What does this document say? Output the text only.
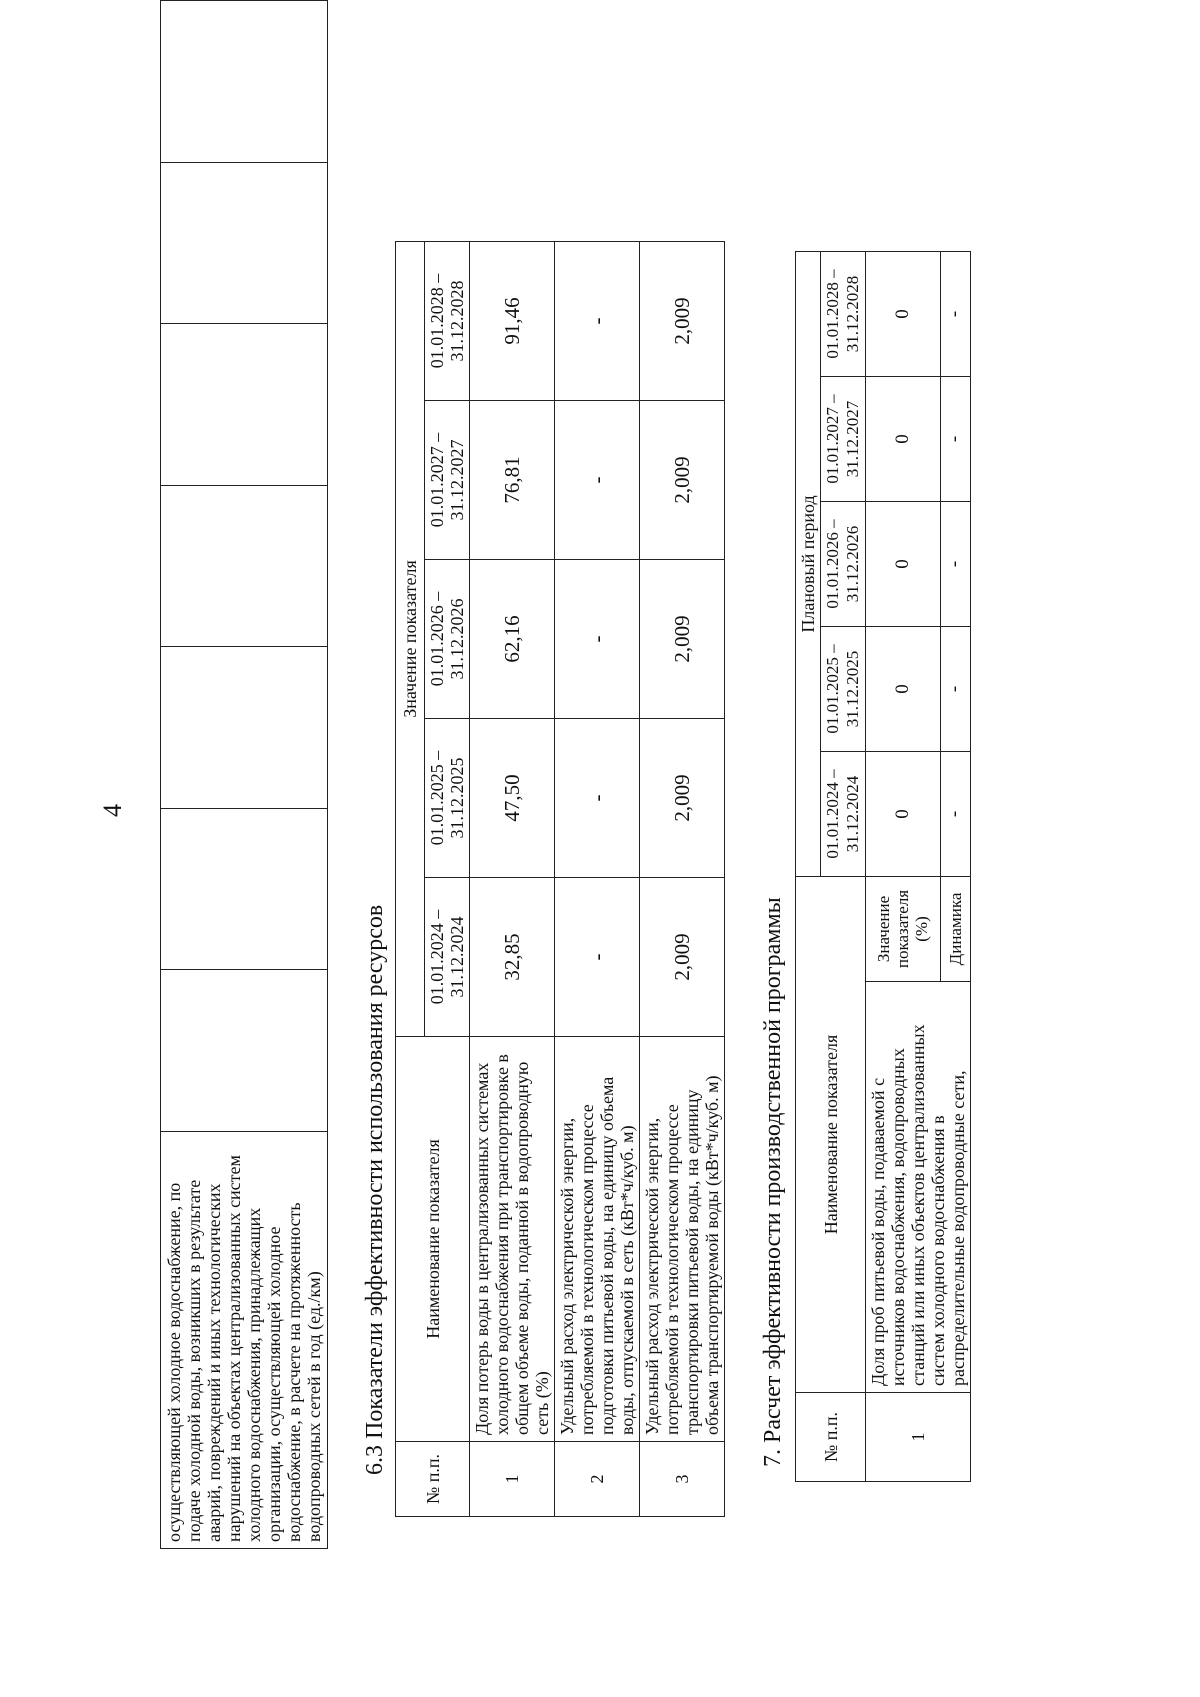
4
осуществляющей холодное водоснабжение, по подаче холодной воды, возникших в результате аварий, повреждений и иных технологических нарушений на объектах централизованных систем холодного водоснабжения, принадлежащих организации, осуществляющей холодное водоснабжение, в расчете на протяженность водопроводных сетей в год (ед./км)							6.3 Показатели эффективности использования ресурсов
№ п.п.	Наименование показателя	Значение показателя				
		01.01.2024 – 31.12.2024	01.01.2025 – 31.12.2025	01.01.2026 – 31.12.2026	01.01.2027 – 31.12.2027	01.01.2028 – 31.12.2028
1	Доля потерь воды в централизованных системах холодного водоснабжения при транспортировке в общем объеме воды, поданной в водопроводную сеть (%)	32,85	47,50	62,16	76,81	91,46
2	Удельный расход электрической энергии, потребляемой в технологическом процессе подготовки питьевой воды, на единицу объема воды, отпускаемой в сеть (кВт*ч/куб. м)	-	-	-	-	-
3	Удельный расход электрической энергии, потребляемой в технологическом процессе транспортировки питьевой воды, на единицу объема транспортируемой воды (кВт*ч/куб. м)	2,009	2,009	2,009	2,009	2,009
7. Расчет эффективности производственной программы № п.п.	Наименование показателя		Плановый период				
			01.01.2024 – 31.12.2024	01.01.2025 – 31.12.2025	01.01.2026 – 31.12.2026	01.01.2027 – 31.12.2027	01.01.2028 – 31.12.2028
1	Доля проб питьевой воды, подаваемой с источников водоснабжения, водопроводных станций или иных объектов централизованных систем холодного водоснабжения в распределительные водопроводные сети,	Значение показателя (%)	0	0	0	0	0
		Динамика	-	-	-	-	-
